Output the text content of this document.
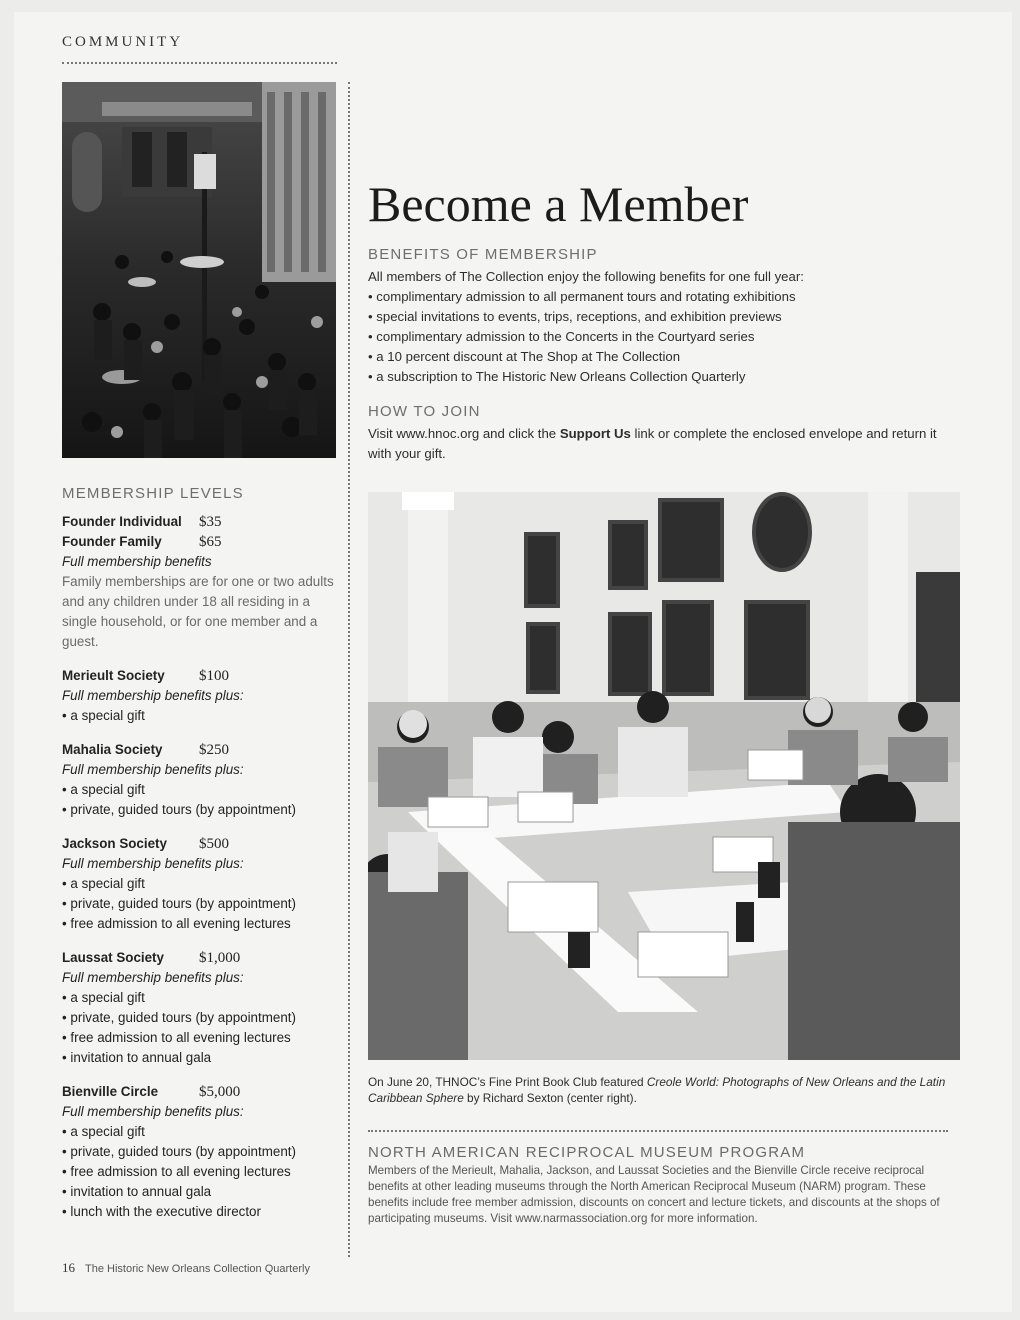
COMMUNITY
Become a Member
BENEFITS OF MEMBERSHIP
All members of The Collection enjoy the following benefits for one full year:
• complimentary admission to all permanent tours and rotating exhibitions
• special invitations to events, trips, receptions, and exhibition previews
• complimentary admission to the Concerts in the Courtyard series
• a 10 percent discount at The Shop at The Collection
• a subscription to The Historic New Orleans Collection Quarterly
HOW TO JOIN
Visit www.hnoc.org and click the Support Us link or complete the enclosed envelope and return it with your gift.
On June 20, THNOC’s Fine Print Book Club featured Creole World: Photographs of New Orleans and the Latin Caribbean Sphere by Richard Sexton (center right).
NORTH AMERICAN RECIPROCAL MUSEUM PROGRAM
Members of the Merieult, Mahalia, Jackson, and Laussat Societies and the Bienville Circle receive reciprocal benefits at other leading museums through the North American Reciprocal Museum (NARM) program. These benefits include free member admission, discounts on concert and lecture tickets, and discounts at the shops of participating museums. Visit www.narmassociation.org for more information.
MEMBERSHIP LEVELS
Founder Individual	$35
Founder Family	$65
Full membership benefits
Family memberships are for one or two adults and any children under 18 all residing in a single household, or for one member and a guest.
Merieult Society	$100
Full membership benefits plus:
• a special gift
Mahalia Society	$250
Full membership benefits plus:
• a special gift
• private, guided tours (by appointment)
Jackson Society	$500
Full membership benefits plus:
• a special gift
• private, guided tours (by appointment)
• free admission to all evening lectures
Laussat Society	$1,000
Full membership benefits plus:
• a special gift
• private, guided tours (by appointment)
• free admission to all evening lectures
• invitation to annual gala
Bienville Circle	$5,000
Full membership benefits plus:
• a special gift
• private, guided tours (by appointment)
• free admission to all evening lectures
• invitation to annual gala
• lunch with the executive director
16 The Historic New Orleans Collection Quarterly
